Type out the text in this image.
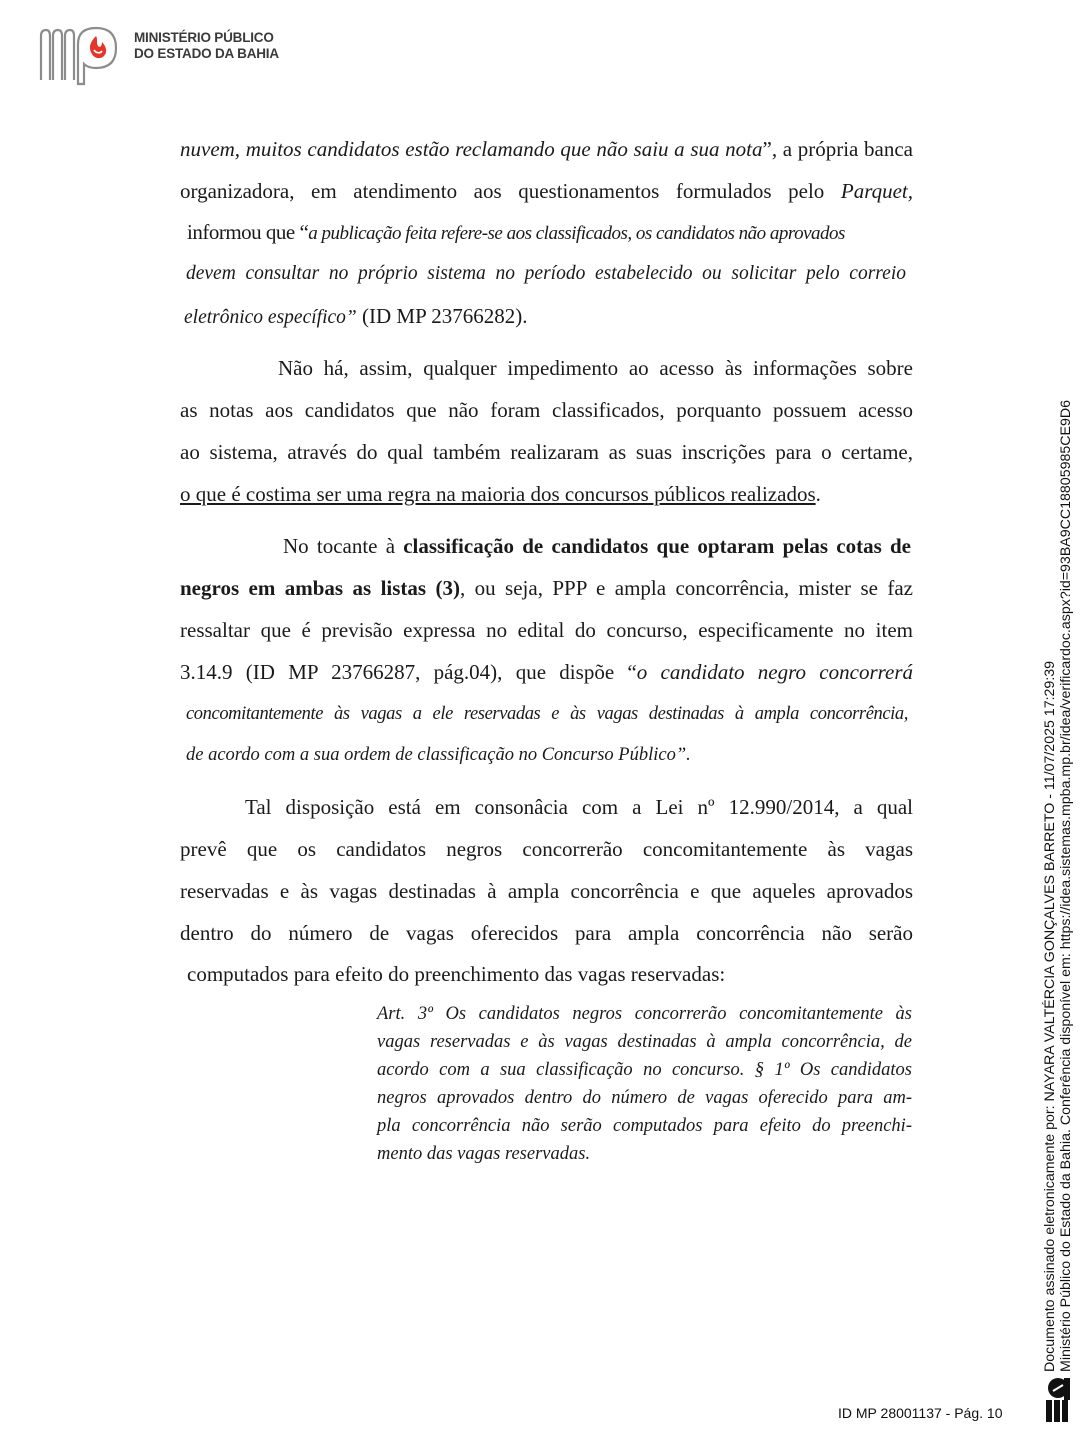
MINISTÉRIO PÚBLICO
DO ESTADO DA BAHIA
nuvem, muitos candidatos estão reclamando que não saiu a sua nota”, a própria banca
organizadora, em atendimento aos questionamentos formulados pelo Parquet,
informou que “a publicação feita refere-se aos classificados, os candidatos não aprovados
devem consultar no próprio sistema no período estabelecido ou solicitar pelo correio
eletrônico específico” (ID MP 23766282).
Não há, assim, qualquer impedimento ao acesso às informações sobre
as notas aos candidatos que não foram classificados, porquanto possuem acesso
ao sistema, através do qual também realizaram as suas inscrições para o certame,
o que é costima ser uma regra na maioria dos concursos públicos realizados.
No tocante à classificação de candidatos que optaram pelas cotas de
negros em ambas as listas (3), ou seja, PPP e ampla concorrência, mister se faz
ressaltar que é previsão expressa no edital do concurso, especificamente no item
3.14.9 (ID MP 23766287, pág.04), que dispõe “o candidato negro concorrerá
concomitantemente às vagas a ele reservadas e às vagas destinadas à ampla concorrência,
de acordo com a sua ordem de classificação no Concurso Público”.
Tal disposição está em consonâcia com a Lei nº 12.990/2014, a qual
prevê que os candidatos negros concorrerão concomitantemente às vagas
reservadas e às vagas destinadas à ampla concorrência e que aqueles aprovados
dentro do número de vagas oferecidos para ampla concorrência não serão
computados para efeito do preenchimento das vagas reservadas:
Art. 3º Os candidatos negros concorrerão concomitantemente às
vagas reservadas e às vagas destinadas à ampla concorrência, de
acordo com a sua classificação no concurso. § 1º Os candidatos
negros aprovados dentro do número de vagas oferecido para am-
pla concorrência não serão computados para efeito do preenchi-
mento das vagas reservadas.	Documento assinado eletronicamente por: NAYARA VALTÉRCIA GONÇALVES BARRETO - 11/07/2025 17:29:39 Ministério Público do Estado da Bahia. Conferência disponível em: https://idea.sistemas.mpba.mp.br/idea/verificardoc.aspx?id=93BA9CC18805985CE9D6
ID MP 28001137 - Pág. 10
